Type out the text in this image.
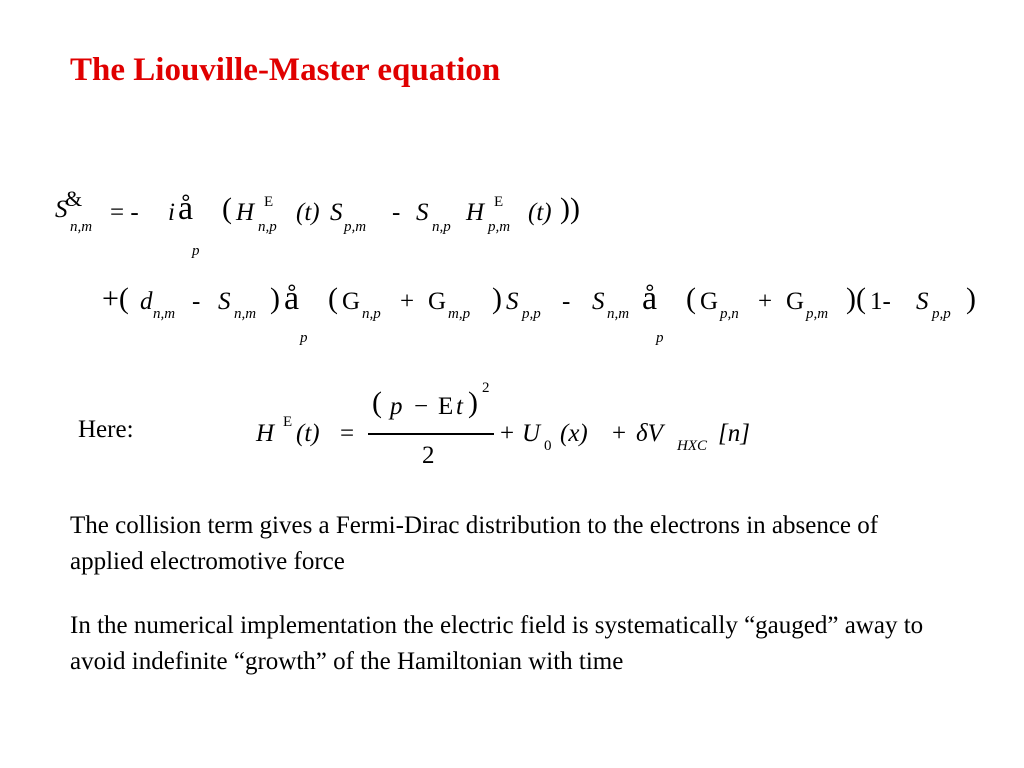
The Liouville-Master equation
&
S
n,m
= - i å
p
( H E
n,p
(t) S
p,m
- S
n,p
H E
p,m
(t) ))
+( d n,m - S n,m ) å
p
( G n,p + G m,p ) S p,p - S n,m å
p
( G p,n + G p,m )( 1- S p,p )
Here:	H E (t) =
( p − E t ) 2
2
+ U 0 (x) + δV HXC [n]
The collision term gives a Fermi-Dirac distribution to the electrons in absence of applied electromotive force
In the numerical implementation the electric field is systematically “gauged” away to avoid indefinite “growth” of the Hamiltonian with time
